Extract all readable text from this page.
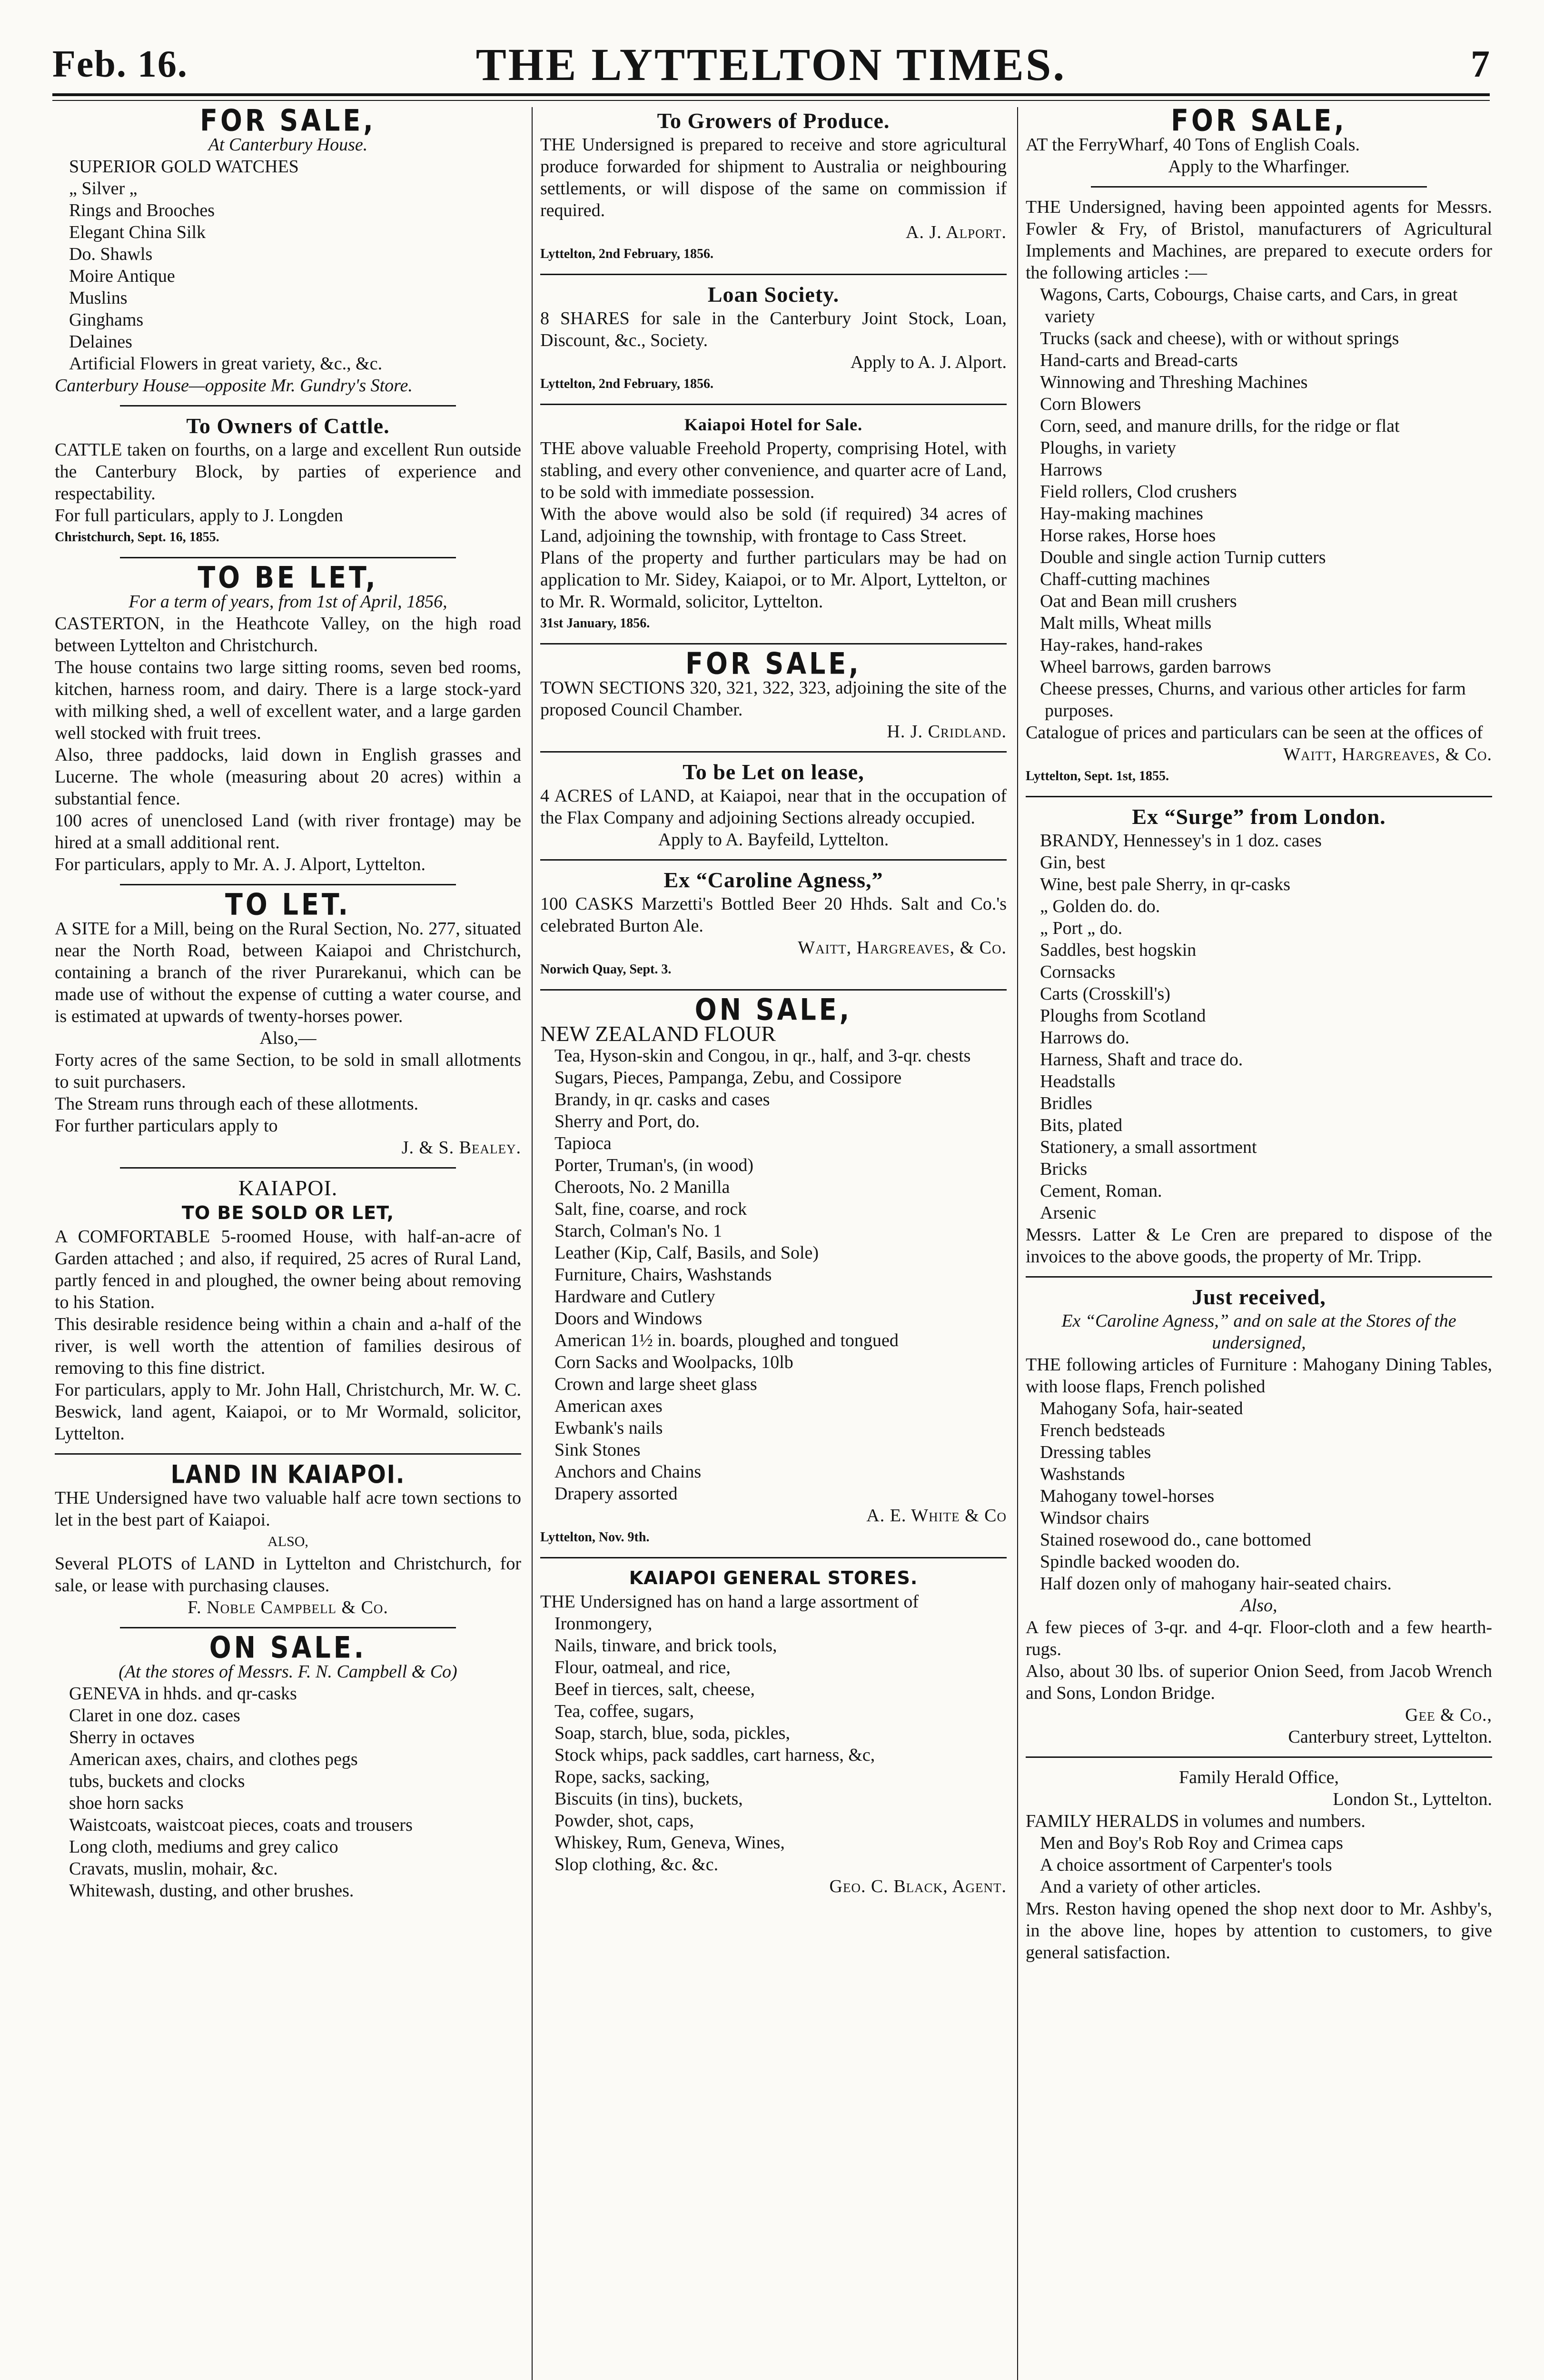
Feb. 16.	THE LYTTELTON TIMES.	7
FOR SALE,
At Canterbury House.
SUPERIOR GOLD WATCHES
„ Silver „
Rings and Brooches
Elegant China Silk
Do. Shawls
Moire Antique
Muslins
Ginghams
Delaines
Artificial Flowers in great variety, &c., &c.

Canterbury House—opposite Mr. Gundry's Store.

To Owners of Cattle.

CATTLE taken on fourths, on a large and excellent Run outside the Canterbury Block, by parties of experience and respectability.

For full particulars, apply to J. Longden

Christchurch, Sept. 16, 1855.

TO BE LET,
For a term of years, from 1st of April, 1856,

CASTERTON, in the Heathcote Valley, on the high road between Lyttelton and Christchurch.

The house contains two large sitting rooms, seven bed rooms, kitchen, harness room, and dairy. There is a large stock-yard with milking shed, a well of excellent water, and a large garden well stocked with fruit trees.

Also, three paddocks, laid down in English grasses and Lucerne. The whole (measuring about 20 acres) within a substantial fence.

100 acres of unenclosed Land (with river frontage) may be hired at a small additional rent.

For particulars, apply to Mr. A. J. Alport, Lyttelton.

TO LET.

A SITE for a Mill, being on the Rural Section, No. 277, situated near the North Road, between Kaiapoi and Christchurch, containing a branch of the river Purarekanui, which can be made use of without the expense of cutting a water course, and is estimated at upwards of twenty-horses power.

Also,—

Forty acres of the same Section, to be sold in small allotments to suit purchasers.

The Stream runs through each of these allotments.

For further particulars apply to

J. & S. Bealey.

KAIAPOI.
TO BE SOLD OR LET,

A COMFORTABLE 5-roomed House, with half-an-acre of Garden attached ; and also, if required, 25 acres of Rural Land, partly fenced in and ploughed, the owner being about removing to his Station.

This desirable residence being within a chain and a-half of the river, is well worth the attention of families desirous of removing to this fine district.

For particulars, apply to Mr. John Hall, Christchurch, Mr. W. C. Beswick, land agent, Kaiapoi, or to Mr Wormald, solicitor, Lyttelton.

LAND IN KAIAPOI.

THE Undersigned have two valuable half acre town sections to let in the best part of Kaiapoi.

ALSO,

Several PLOTS of LAND in Lyttelton and Christchurch, for sale, or lease with purchasing clauses.

F. Noble Campbell & Co.

ON SALE.
(At the stores of Messrs. F. N. Campbell & Co)
GENEVA in hhds. and qr-casks
Claret in one doz. cases
Sherry in octaves
American axes, chairs, and clothes pegs
tubs, buckets and clocks
shoe horn sacks
Waistcoats, waistcoat pieces, coats and trousers
Long cloth, mediums and grey calico
Cravats, muslin, mohair, &c.
Whitewash, dusting, and other brushes.
To Growers of Produce.

THE Undersigned is prepared to receive and store agricultural produce forwarded for shipment to Australia or neighbouring settlements, or will dispose of the same on commission if required.

A. J. Alport.

Lyttelton, 2nd February, 1856.

Loan Society.

8 SHARES for sale in the Canterbury Joint Stock, Loan, Discount, &c., Society.

Apply to A. J. Alport.

Lyttelton, 2nd February, 1856.

Kaiapoi Hotel for Sale.

THE above valuable Freehold Property, comprising Hotel, with stabling, and every other convenience, and quarter acre of Land, to be sold with immediate possession.

With the above would also be sold (if required) 34 acres of Land, adjoining the township, with frontage to Cass Street.

Plans of the property and further particulars may be had on application to Mr. Sidey, Kaiapoi, or to Mr. Alport, Lyttelton, or to Mr. R. Wormald, solicitor, Lyttelton.

31st January, 1856.

FOR SALE,

TOWN SECTIONS 320, 321, 322, 323, adjoining the site of the proposed Council Chamber.

H. J. Cridland.

To be Let on lease,

4 ACRES of LAND, at Kaiapoi, near that in the occupation of the Flax Company and adjoining Sections already occupied.

Apply to A. Bayfeild, Lyttelton.

Ex “Caroline Agness,”

100 CASKS Marzetti's Bottled Beer 20 Hhds. Salt and Co.'s celebrated Burton Ale.

Waitt, Hargreaves, & Co.

Norwich Quay, Sept. 3.

ON SALE,

NEW ZEALAND FLOUR

Tea, Hyson-skin and Congou, in qr., half, and 3-qr. chests
Sugars, Pieces, Pampanga, Zebu, and Cossipore
Brandy, in qr. casks and cases
Sherry and Port, do.
Tapioca
Porter, Truman's, (in wood)
Cheroots, No. 2 Manilla
Salt, fine, coarse, and rock
Starch, Colman's No. 1
Leather (Kip, Calf, Basils, and Sole)
Furniture, Chairs, Washstands
Hardware and Cutlery
Doors and Windows
American 1½ in. boards, ploughed and tongued
Corn Sacks and Woolpacks, 10lb
Crown and large sheet glass
American axes
Ewbank's nails
Sink Stones
Anchors and Chains
Drapery assorted

A. E. White & Co

Lyttelton, Nov. 9th.

KAIAPOI GENERAL STORES.

THE Undersigned has on hand a large assortment of

Ironmongery,
Nails, tinware, and brick tools,
Flour, oatmeal, and rice,
Beef in tierces, salt, cheese,
Tea, coffee, sugars,
Soap, starch, blue, soda, pickles,
Stock whips, pack saddles, cart harness, &c,
Rope, sacks, sacking,
Biscuits (in tins), buckets,
Powder, shot, caps,
Whiskey, Rum, Geneva, Wines,
Slop clothing, &c. &c.

Geo. C. Black, Agent.

FOR SALE,

AT the FerryWharf, 40 Tons of English Coals.

Apply to the Wharfinger.

THE Undersigned, having been appointed agents for Messrs. Fowler & Fry, of Bristol, manufacturers of Agricultural Implements and Machines, are prepared to execute orders for the following articles :—

Wagons, Carts, Cobourgs, Chaise carts, and Cars, in great variety
Trucks (sack and cheese), with or without springs
Hand-carts and Bread-carts
Winnowing and Threshing Machines
Corn Blowers
Corn, seed, and manure drills, for the ridge or flat
Ploughs, in variety
Harrows
Field rollers, Clod crushers
Hay-making machines
Horse rakes, Horse hoes
Double and single action Turnip cutters
Chaff-cutting machines
Oat and Bean mill crushers
Malt mills, Wheat mills
Hay-rakes, hand-rakes
Wheel barrows, garden barrows
Cheese presses, Churns, and various other articles for farm purposes.

Catalogue of prices and particulars can be seen at the offices of

Waitt, Hargreaves, & Co.

Lyttelton, Sept. 1st, 1855.

Ex “Surge” from London.
BRANDY, Hennessey's in 1 doz. cases
Gin, best
Wine, best pale Sherry, in qr-casks
„ Golden do. do.
„ Port „ do.
Saddles, best hogskin
Cornsacks
Carts (Crosskill's)
Ploughs from Scotland
Harrows do.
Harness, Shaft and trace do.
Headstalls
Bridles
Bits, plated
Stationery, a small assortment
Bricks
Cement, Roman.
Arsenic

Messrs. Latter & Le Cren are prepared to dispose of the invoices to the above goods, the property of Mr. Tripp.

Just received,
Ex “Caroline Agness,” and on sale at the Stores of the undersigned,

THE following articles of Furniture : Mahogany Dining Tables, with loose flaps, French polished

Mahogany Sofa, hair-seated
French bedsteads
Dressing tables
Washstands
Mahogany towel-horses
Windsor chairs
Stained rosewood do., cane bottomed
Spindle backed wooden do.
Half dozen only of mahogany hair-seated chairs.

Also,

A few pieces of 3-qr. and 4-qr. Floor-cloth and a few hearth-rugs.

Also, about 30 lbs. of superior Onion Seed, from Jacob Wrench and Sons, London Bridge.

Gee & Co.,

Canterbury street, Lyttelton.

Family Herald Office,

London St., Lyttelton.

FAMILY HERALDS in volumes and numbers.

Men and Boy's Rob Roy and Crimea caps
A choice assortment of Carpenter's tools
And a variety of other articles.

Mrs. Reston having opened the shop next door to Mr. Ashby's, in the above line, hopes by attention to customers, to give general satisfaction.
